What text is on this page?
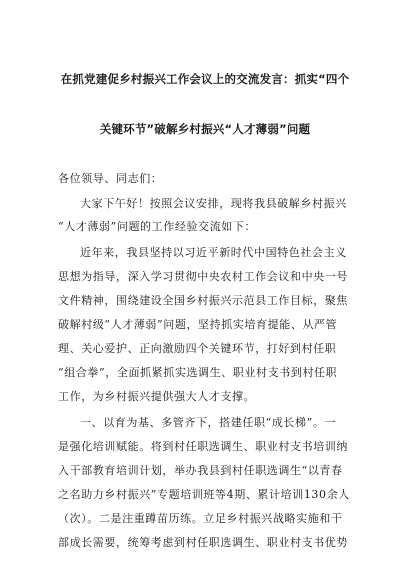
在抓党建促乡村振兴工作会议上的交流发言：抓实“四个
关键环节”破解乡村振兴“人才薄弱”问题
各位领导、同志们：
大家下午好！按照会议安排，现将我县破解乡村振兴
“人才薄弱”问题的工作经验交流如下：
近年来，我县坚持以习近平新时代中国特色社会主义
思想为指导，深入学习贯彻中央农村工作会议和中央一号
文件精神，围绕建设全国乡村振兴示范县工作目标，聚焦
破解村级“人才薄弱”问题，坚持抓实培育提能、从严管
理、关心爱护、正向激励四个关键环节，打好到村任职
“组合拳”，全面抓紧抓实选调生、职业村支书到村任职
工作，为乡村振兴提供强大人才支撑。
一、以育为基、多管齐下，搭建任职“成长梯”。一
是强化培训赋能。将到村任职选调生、职业村支书培训纳
入干部教育培训计划，举办我县到村任职选调生“以青春
之名助力乡村振兴”专题培训班等4期、累计培训130余人
（次）。二是注重蹲苗历练。立足乡村振兴战略实施和干
部成长需要，统筹考虑到村任职选调生、职业村支书优势
